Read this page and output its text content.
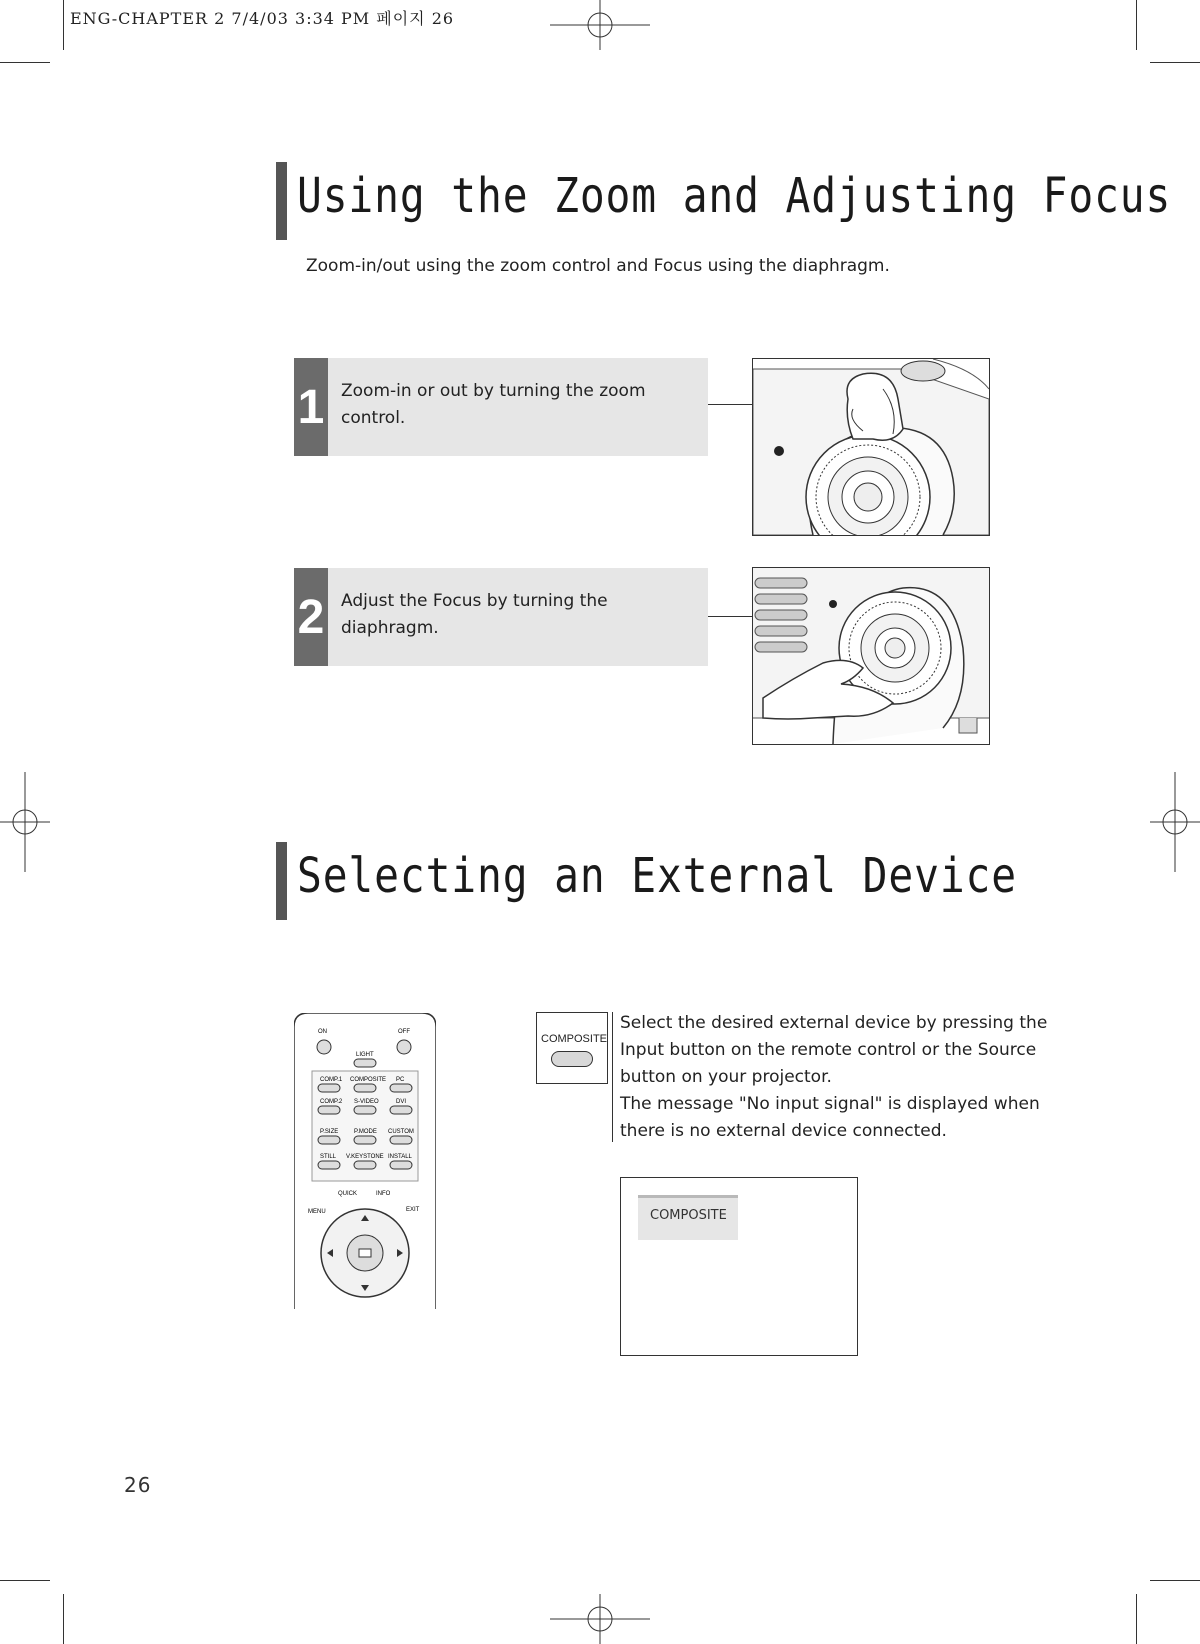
ENG-CHAPTER 2 7/4/03 3:34 PM 페이지 26
Using the Zoom and Adjusting Focus
Zoom-in/out using the zoom control and Focus using the diaphragm.
1 Zoom-in or out by turning the zoom control.
2 Adjust the Focus by turning the diaphragm.
Selecting an External Device
ON	OFF
LIGHT
COMP.1 COMPOSITE PC
COMP.2 S-VIDEO	DVI
P.SIZE	P.MODE CUSTOM
STILL V.KEYSTONE INSTALL
MENU
QUICK	INFO
EXIT
COMPOSITE

Select the desired external device by pressing the Input button on the remote control or the Source button on your projector.

The message "No input signal" is displayed when there is no external device connected.

COMPOSITE
26
